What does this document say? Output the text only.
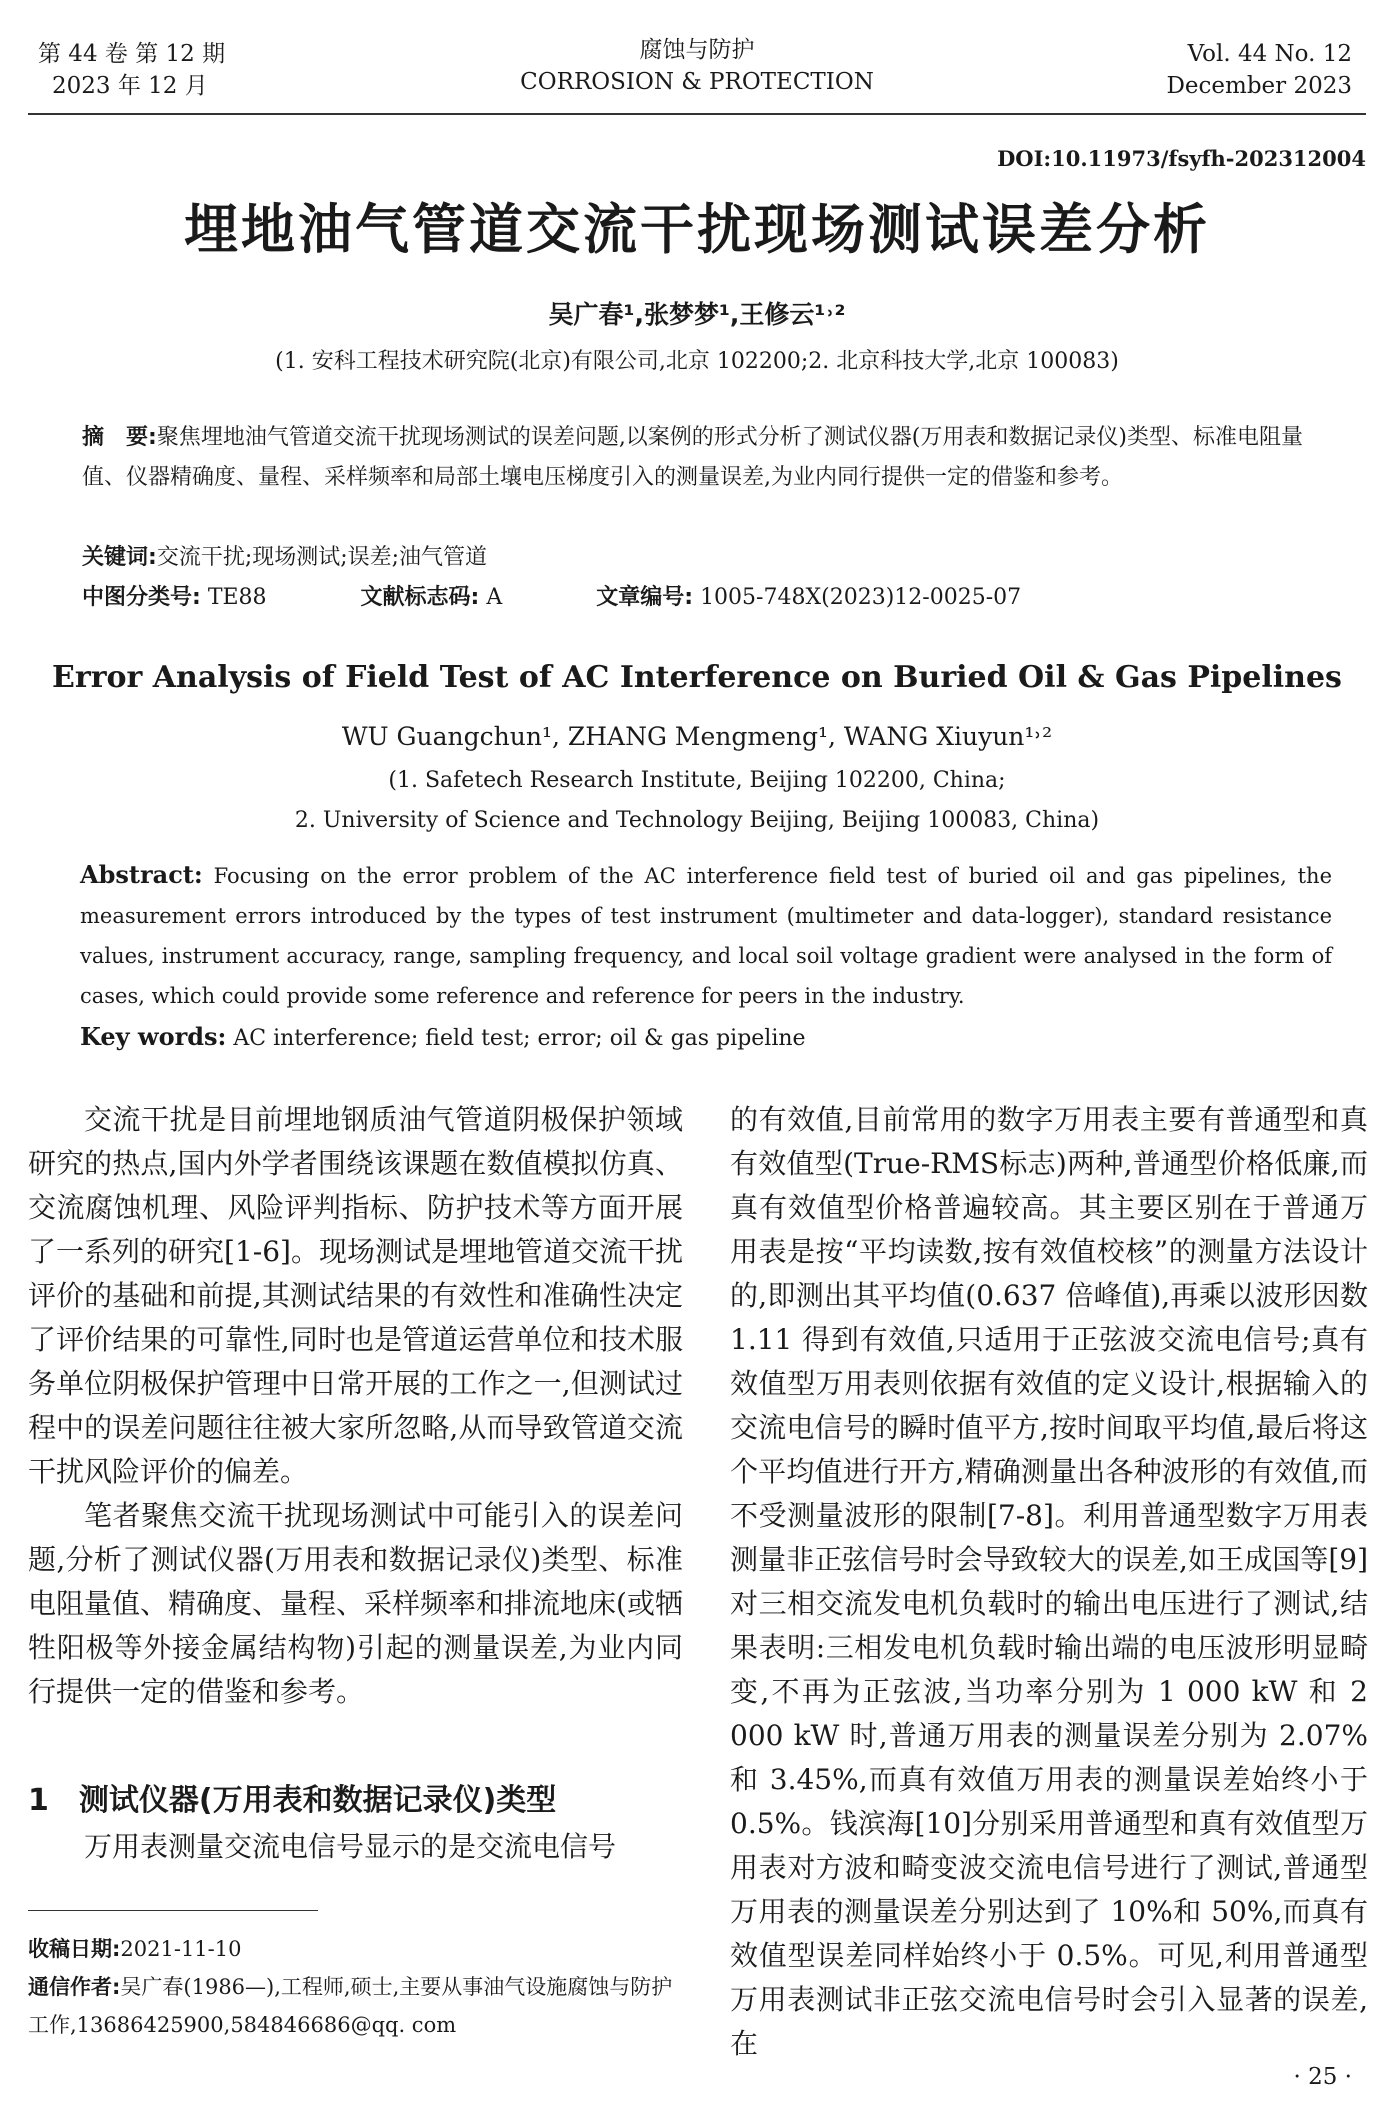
第 44 卷 第 12 期
2023 年 12 月
腐蚀与防护
CORROSION & PROTECTION
Vol. 44 No. 12
December 2023
DOI:10.11973/fsyfh-202312004
埋地油气管道交流干扰现场测试误差分析
吴广春¹,张梦梦¹,王修云¹˒²
(1. 安科工程技术研究院(北京)有限公司,北京 102200;2. 北京科技大学,北京 100083)
摘　要:聚焦埋地油气管道交流干扰现场测试的误差问题,以案例的形式分析了测试仪器(万用表和数据记录仪)类型、标准电阻量值、仪器精确度、量程、采样频率和局部土壤电压梯度引入的测量误差,为业内同行提供一定的借鉴和参考。
关键词:交流干扰;现场测试;误差;油气管道
中图分类号: TE88	文献标志码: A	文章编号: 1005-748X(2023)12-0025-07
Error Analysis of Field Test of AC Interference on Buried Oil & Gas Pipelines
WU Guangchun¹, ZHANG Mengmeng¹, WANG Xiuyun¹˒²
(1. Safetech Research Institute, Beijing 102200, China;
2. University of Science and Technology Beijing, Beijing 100083, China)
Abstract: Focusing on the error problem of the AC interference field test of buried oil and gas pipelines, the measurement errors introduced by the types of test instrument (multimeter and data-logger), standard resistance values, instrument accuracy, range, sampling frequency, and local soil voltage gradient were analysed in the form of cases, which could provide some reference and reference for peers in the industry.
Key words: AC interference; field test; error; oil & gas pipeline

交流干扰是目前埋地钢质油气管道阴极保护领域研究的热点,国内外学者围绕该课题在数值模拟仿真、交流腐蚀机理、风险评判指标、防护技术等方面开展了一系列的研究[1-6]。现场测试是埋地管道交流干扰评价的基础和前提,其测试结果的有效性和准确性决定了评价结果的可靠性,同时也是管道运营单位和技术服务单位阴极保护管理中日常开展的工作之一,但测试过程中的误差问题往往被大家所忽略,从而导致管道交流干扰风险评价的偏差。

笔者聚焦交流干扰现场测试中可能引入的误差问题,分析了测试仪器(万用表和数据记录仪)类型、标准电阻量值、精确度、量程、采样频率和排流地床(或牺牲阳极等外接金属结构物)引起的测量误差,为业内同行提供一定的借鉴和参考。

1　测试仪器(万用表和数据记录仪)类型

万用表测量交流电信号显示的是交流电信号

的有效值,目前常用的数字万用表主要有普通型和真有效值型(True-RMS标志)两种,普通型价格低廉,而真有效值型价格普遍较高。其主要区别在于普通万用表是按“平均读数,按有效值校核”的测量方法设计的,即测出其平均值(0.637 倍峰值),再乘以波形因数 1.11 得到有效值,只适用于正弦波交流电信号;真有效值型万用表则依据有效值的定义设计,根据输入的交流电信号的瞬时值平方,按时间取平均值,最后将这个平均值进行开方,精确测量出各种波形的有效值,而不受测量波形的限制[7-8]。利用普通型数字万用表测量非正弦信号时会导致较大的误差,如王成国等[9]对三相交流发电机负载时的输出电压进行了测试,结果表明:三相发电机负载时输出端的电压波形明显畸变,不再为正弦波,当功率分别为 1 000 kW 和 2 000 kW 时,普通万用表的测量误差分别为 2.07%和 3.45%,而真有效值万用表的测量误差始终小于 0.5%。钱滨海[10]分别采用普通型和真有效值型万用表对方波和畸变波交流电信号进行了测试,普通型万用表的测量误差分别达到了 10%和 50%,而真有效值型误差同样始终小于 0.5%。可见,利用普通型万用表测试非正弦交流电信号时会引入显著的误差,在

收稿日期:2021-11-10
通信作者:吴广春(1986—),工程师,硕士,主要从事油气设施腐蚀与防护工作,13686425900,584846686@qq. com
· 25 ·
